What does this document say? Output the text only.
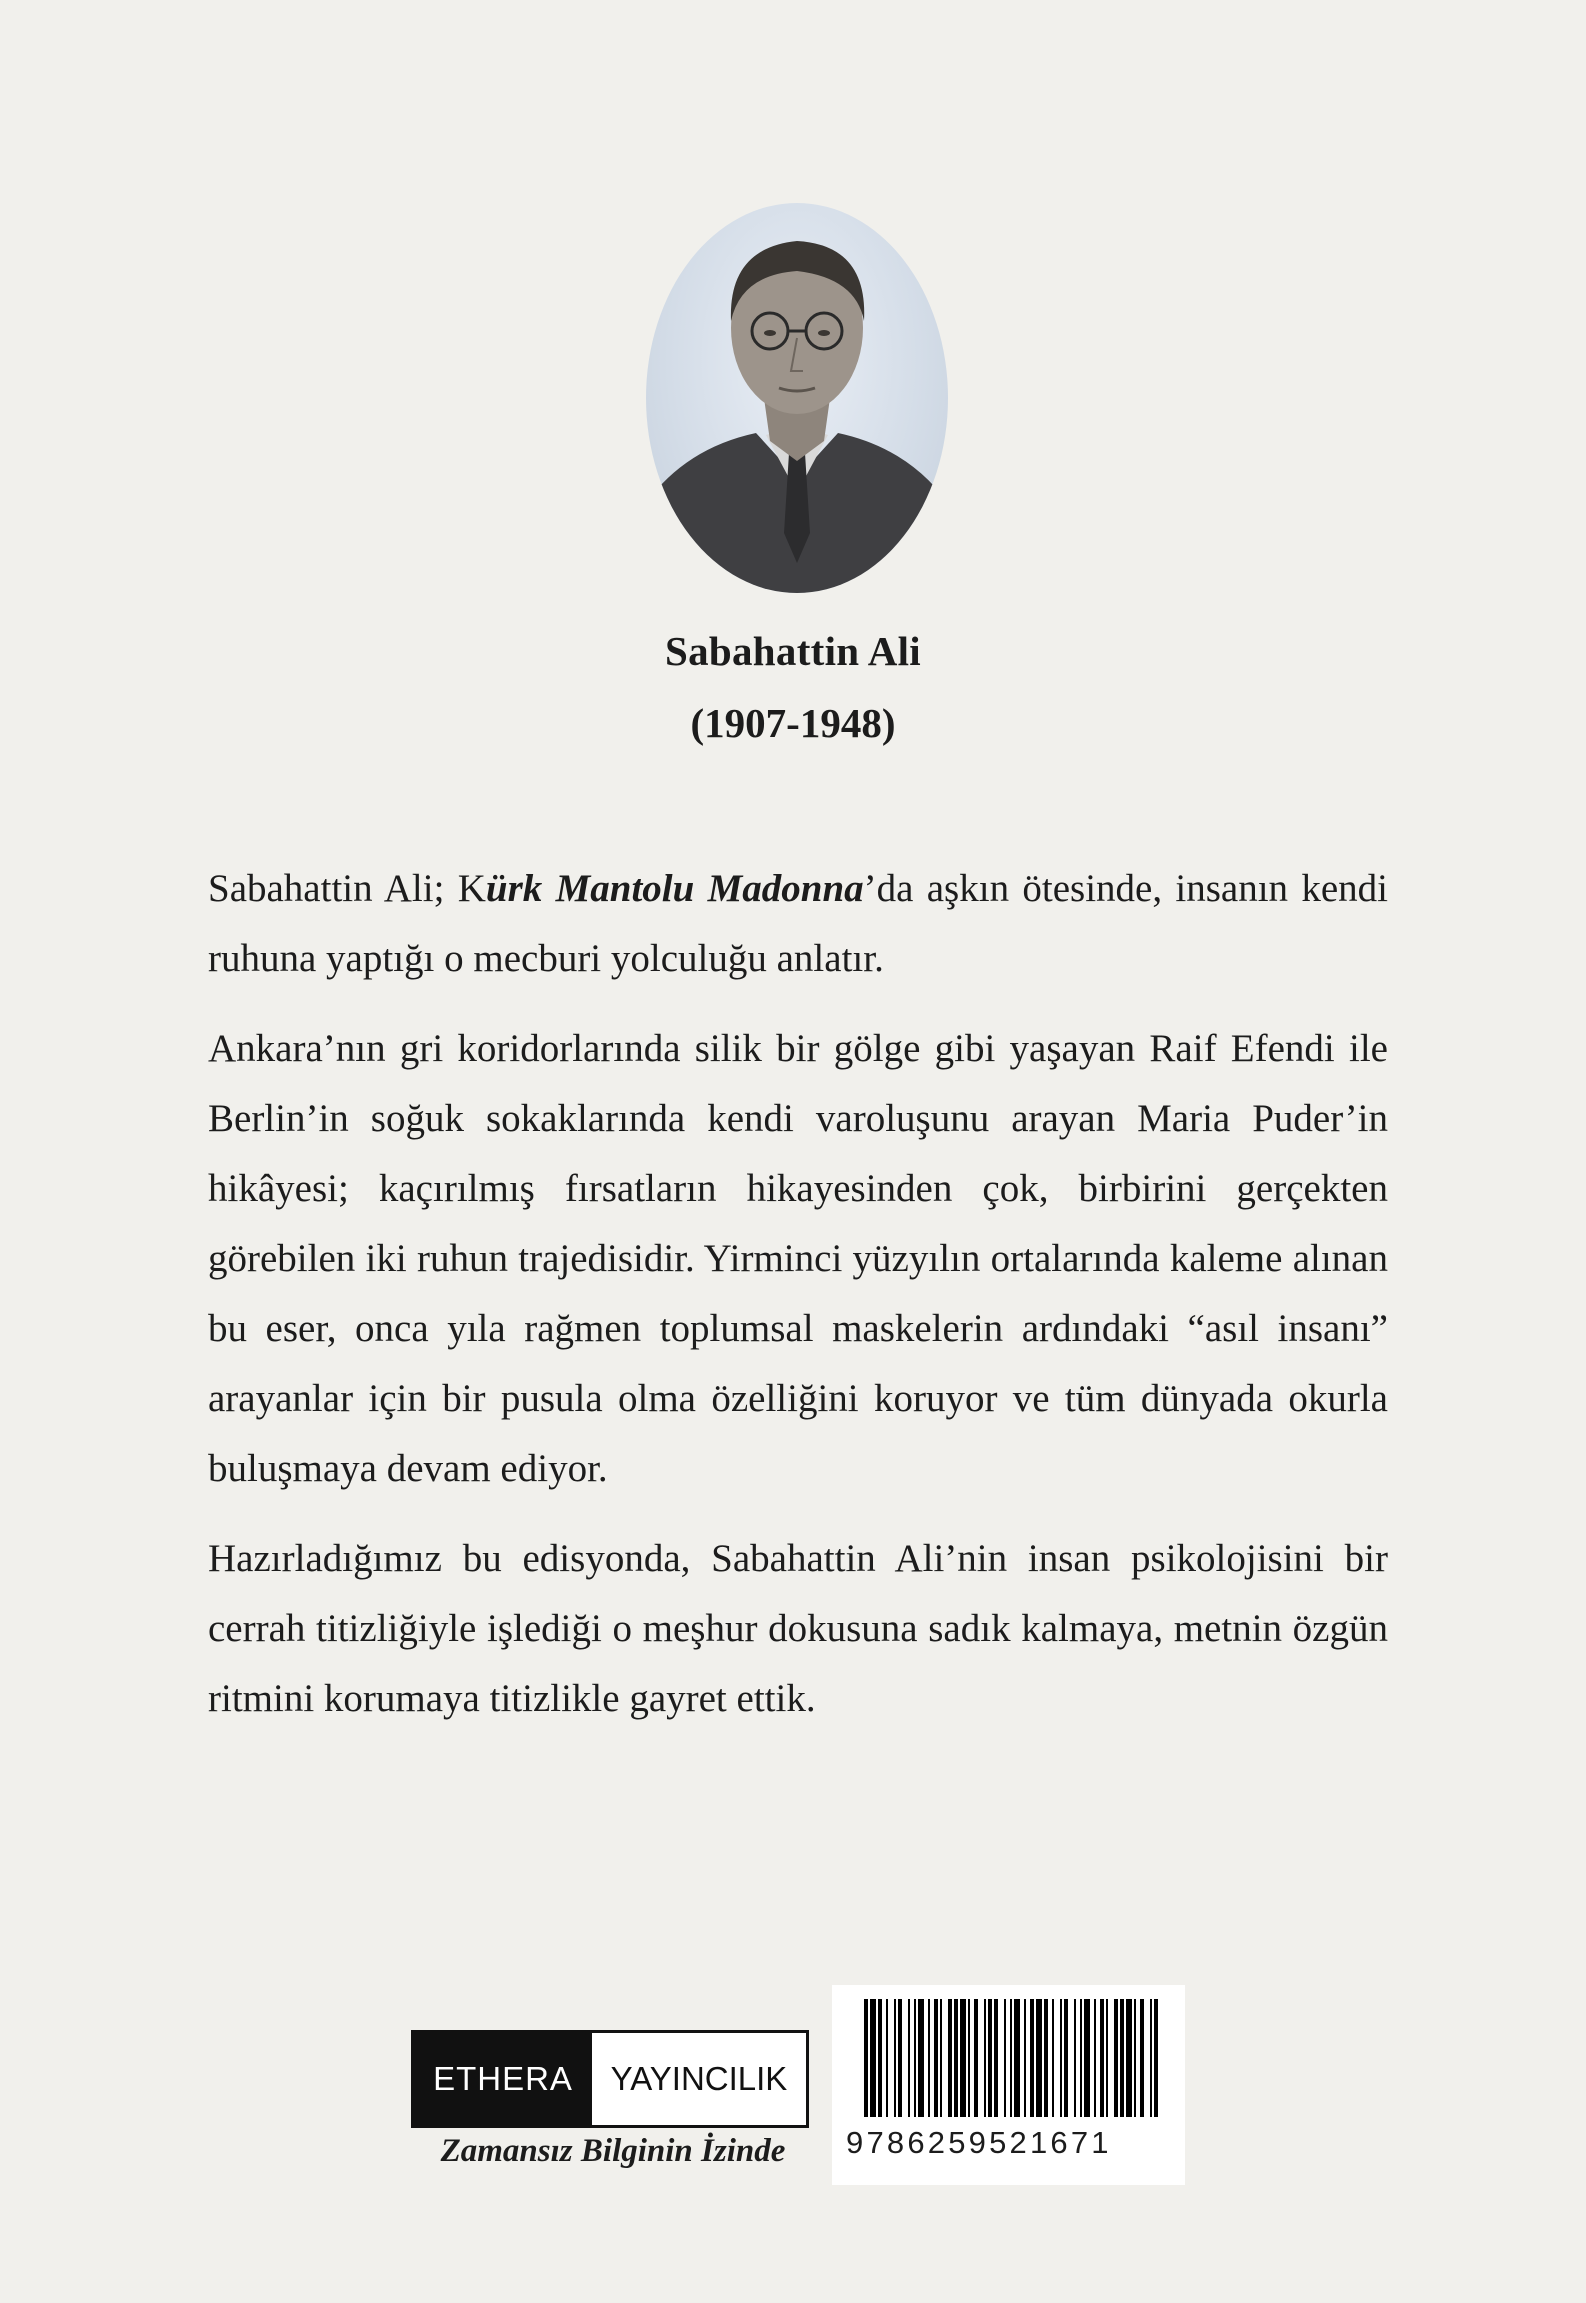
Sabahattin Ali
(1907-1948)

Sabahattin Ali; Kürk Mantolu Madonna’da aşkın ötesinde, insanın kendi ruhuna yaptığı o mecburi yolculuğu anlatır.

Ankara’nın gri koridorlarında silik bir gölge gibi yaşayan Raif Efendi ile Berlin’in soğuk sokaklarında kendi varoluşunu arayan Maria Puder’in hikâyesi; kaçırılmış fırsatların hikayesinden çok, birbirini gerçekten görebilen iki ruhun trajedisidir. Yirminci yüzyılın ortalarında kaleme alınan bu eser, onca yıla rağmen toplumsal maskelerin ardındaki “asıl insanı” arayanlar için bir pusula olma özelliğini koruyor ve tüm dünyada okurla buluşmaya devam ediyor.

Hazırladığımız bu edisyonda, Sabahattin Ali’nin insan psikolojisini bir cerrah titizliğiyle işlediği o meşhur dokusuna sadık kalmaya, metnin özgün ritmini korumaya titizlikle gayret ettik.

ETHERA	YAYINCILIK
Zamansız Bilginin İzinde	9786259521671
